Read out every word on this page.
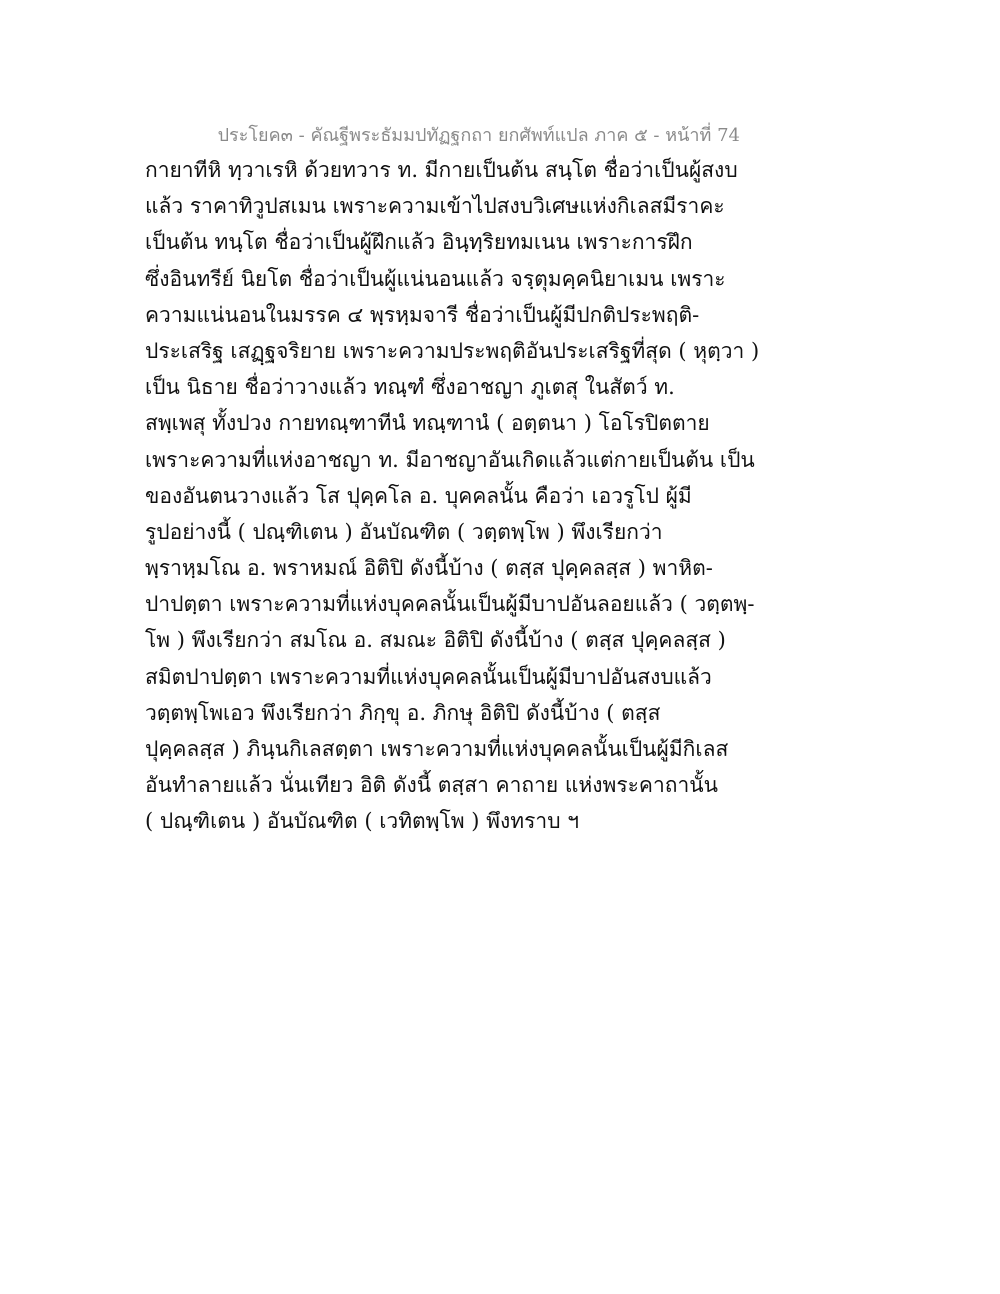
ประโยค๓ - คัณฐีพระธัมมปทัฏฐกถา ยกศัพท์แปล ภาค ๕ - หน้าที่ 74
กายาทีหิ ทฺวาเรหิ ด้วยทวาร ท. มีกายเป็นต้น สนฺโต ชื่อว่าเป็นผู้สงบ
แล้ว ราคาทิวูปสเมน เพราะความเข้าไปสงบวิเศษแห่งกิเลสมีราคะ
เป็นต้น ทนฺโต ชื่อว่าเป็นผู้ฝึกแล้ว อินฺทฺริยทมเนน เพราะการฝึก
ซึ่งอินทรีย์ นิยโต ชื่อว่าเป็นผู้แน่นอนแล้ว จรฺตุมคฺคนิยาเมน เพราะ
ความแน่นอนในมรรค ๔ พฺรหฺมจารี ชื่อว่าเป็นผู้มีปกติประพฤติ-
ประเสริฐ เสฏฺฐจริยาย เพราะความประพฤติอันประเสริฐที่สุด ( หุตฺวา )
เป็น นิธาย ชื่อว่าวางแล้ว ทณฺฑํ ซึ่งอาชญา ภูเตสุ ในสัตว์ ท.
สพฺเพสุ ทั้งปวง กายทณฺฑาทีนํ ทณฺฑานํ ( อตฺตนา ) โอโรปิตตาย
เพราะความที่แห่งอาชญา ท. มีอาชญาอันเกิดแล้วแต่กายเป็นต้น เป็น
ของอันตนวางแล้ว โส ปุคฺคโล อ. บุคคลนั้น คือว่า เอวรูโป ผู้มี
รูปอย่างนี้ ( ปณฺฑิเตน ) อันบัณฑิต ( วตฺตพฺโพ ) พึงเรียกว่า
พฺราหฺมโณ อ. พราหมณ์ อิติปิ ดังนี้บ้าง ( ตสฺส ปุคฺคลสฺส ) พาหิต-
ปาปตฺตา เพราะความที่แห่งบุคคลนั้นเป็นผู้มีบาปอันลอยแล้ว ( วตฺตพฺ-
โพ ) พึงเรียกว่า สมโณ อ. สมณะ อิติปิ ดังนี้บ้าง ( ตสฺส ปุคฺคลสฺส )
สมิตปาปตฺตา เพราะความที่แห่งบุคคลนั้นเป็นผู้มีบาปอันสงบแล้ว
วตฺตพฺโพเอว พึงเรียกว่า ภิกฺขุ อ. ภิกษุ อิติปิ ดังนี้บ้าง ( ตสฺส
ปุคฺคลสฺส ) ภินฺนกิเลสตฺตา เพราะความที่แห่งบุคคลนั้นเป็นผู้มีกิเลส
อันทำลายแล้ว นั่นเทียว อิติ ดังนี้ ตสฺสา คาถาย แห่งพระคาถานั้น
( ปณฺฑิเตน ) อันบัณฑิต ( เวทิตพฺโพ ) พึงทราบ ฯ
